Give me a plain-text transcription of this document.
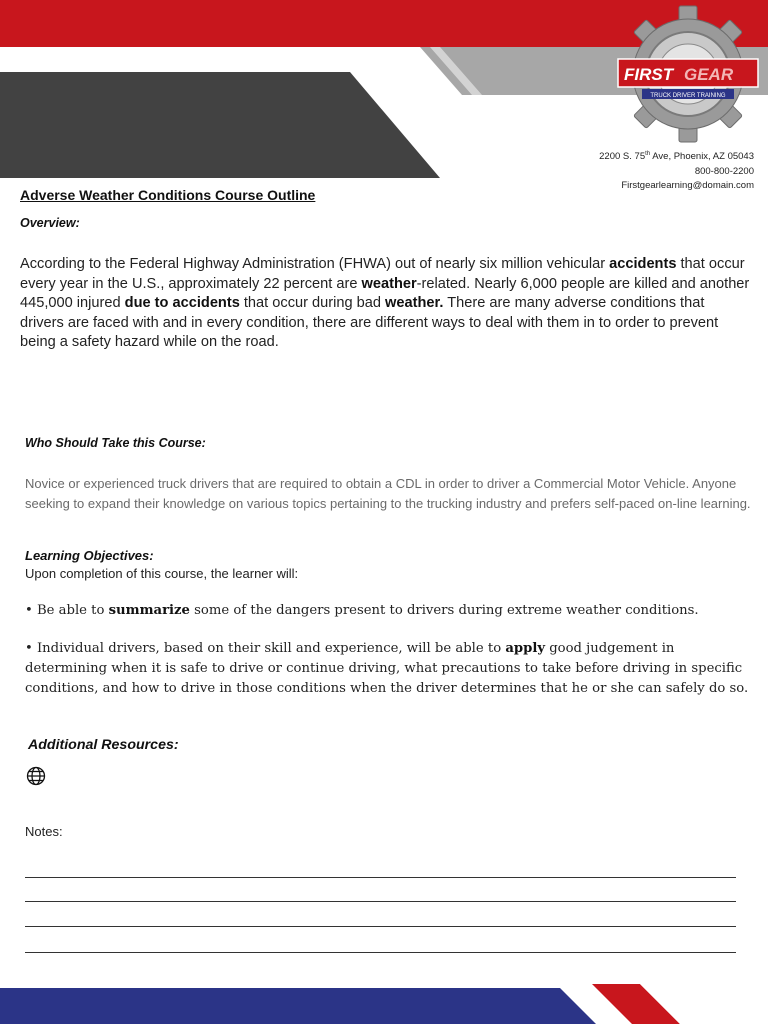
FIRST GEAR
TRUCK DRIVER TRAINING
2200 S. 75th Ave, Phoenix, AZ 05043
800-800-2200
Firstgearlearning@domain.com
Adverse Weather Conditions Course Outline
Overview:
According to the Federal Highway Administration (FHWA) out of nearly six million vehicular accidents that occur every year in the U.S., approximately 22 percent are weather-related. Nearly 6,000 people are killed and another 445,000 injured due to accidents that occur during bad weather. There are many adverse conditions that drivers are faced with and in every condition, there are different ways to deal with them in to order to prevent being a safety hazard while on the road.
Who Should Take this Course:
Novice or experienced truck drivers that are required to obtain a CDL in order to driver a Commercial Motor Vehicle. Anyone seeking to expand their knowledge on various topics pertaining to the trucking industry and prefers self-paced on-line learning.
Learning Objectives:
Upon completion of this course, the learner will:
• Be able to summarize some of the dangers present to drivers during extreme weather conditions.
• Individual drivers, based on their skill and experience, will be able to apply good judgement in determining when it is safe to drive or continue driving, what precautions to take before driving in specific conditions, and how to drive in those conditions when the driver determines that he or she can safely do so.
Additional Resources:
Notes:
